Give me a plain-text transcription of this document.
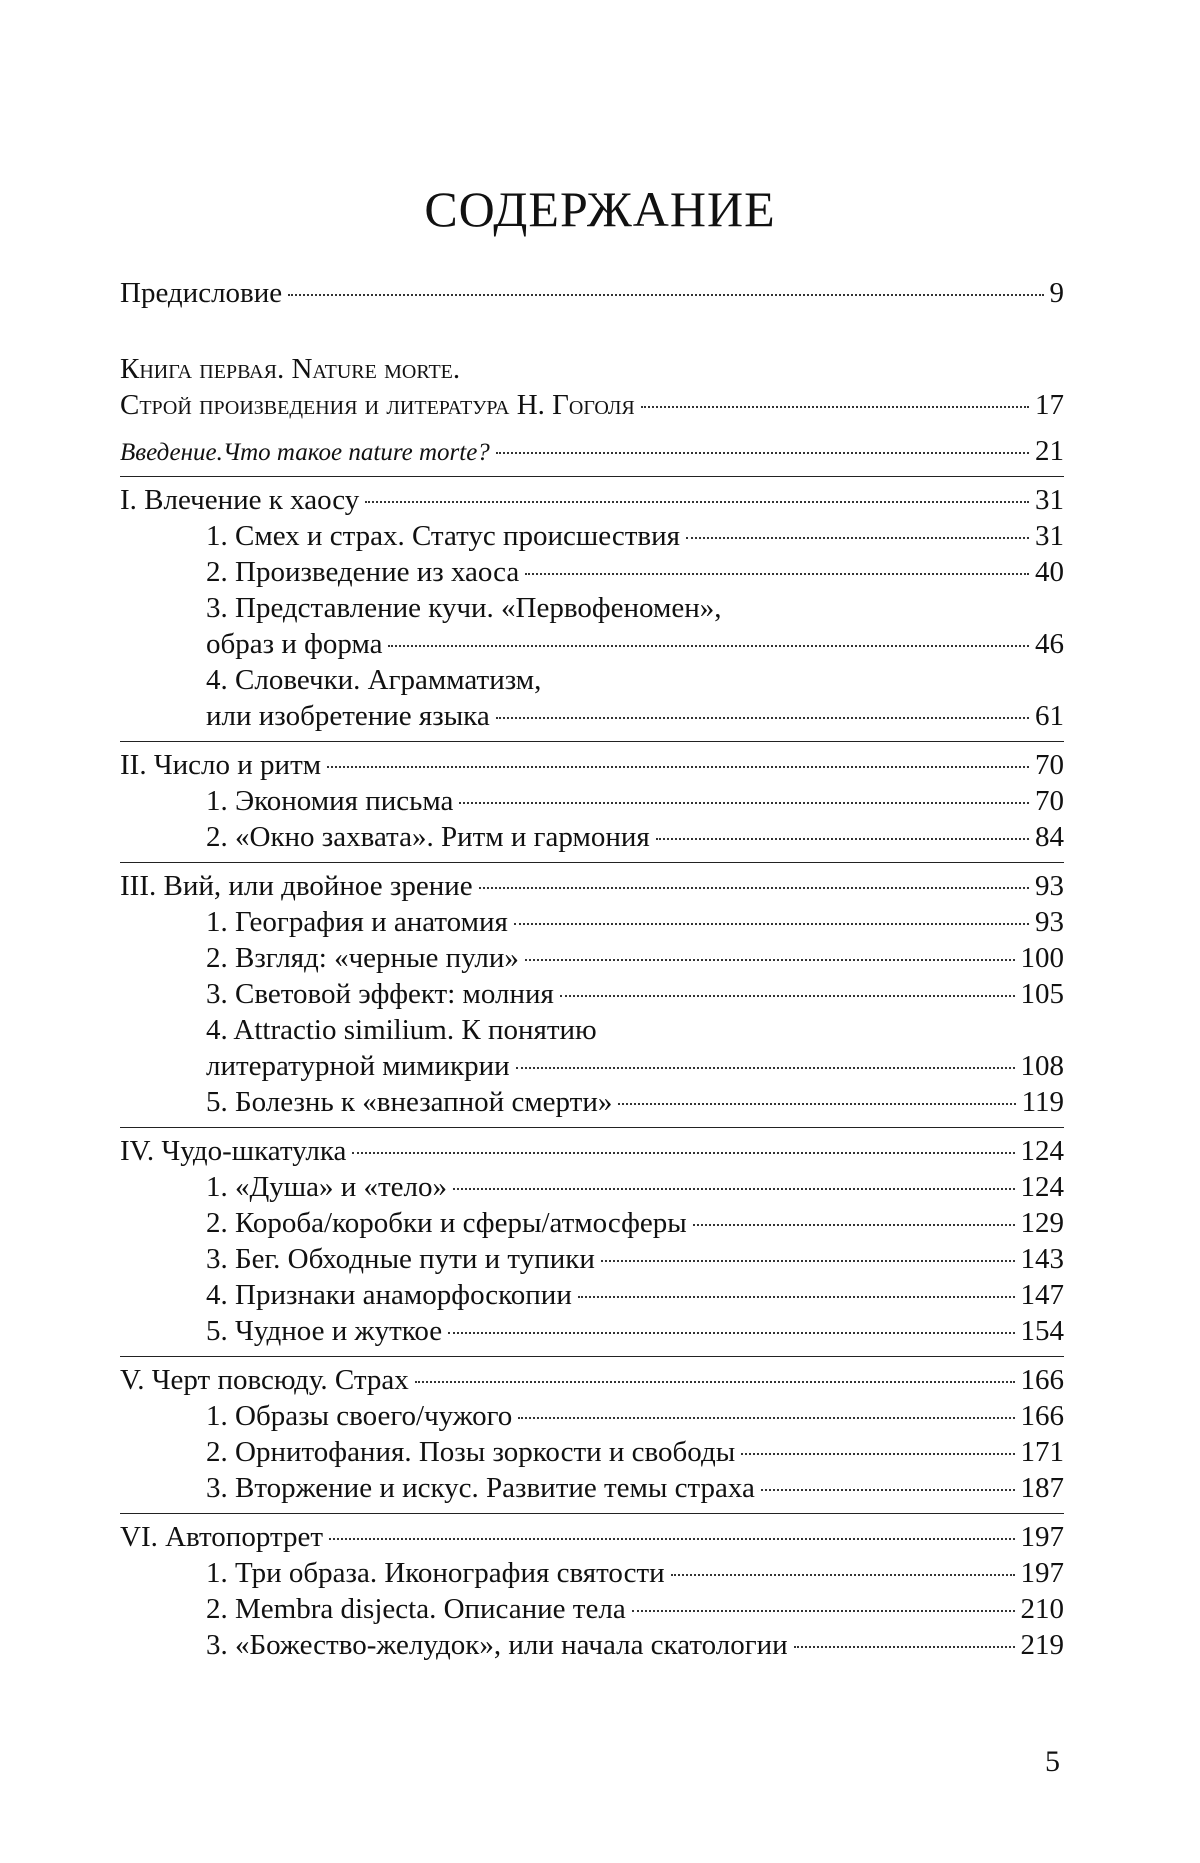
СОДЕРЖАНИЕ
Предисловие	9
Книга первая. Nature morte.
Строй произведения и литература Н. Гоголя	17
Введение.Что такое nature morte?	21
I. Влечение к хаосу	31
1. Смех и страх. Статус происшествия	31
2. Произведение из хаоса	40
3. Представление кучи. «Первофеномен»,
образ и форма	46
4. Словечки. Аграмматизм,
или изобретение языка	61
II. Число и ритм	70
1. Экономия письма	70
2. «Окно захвата». Ритм и гармония	84
III. Вий, или двойное зрение	93
1. География и анатомия	93
2. Взгляд: «черные пули»	100
3. Световой эффект: молния	105
4. Attractio similium. К понятию
литературной мимикрии	108
5. Болезнь к «внезапной смерти»	119
IV. Чудо-шкатулка	124
1. «Душа» и «тело»	124
2. Короба/коробки и сферы/атмосферы	129
3. Бег. Обходные пути и тупики	143
4. Признаки анаморфоскопии	147
5. Чудное и жуткое	154
V. Черт повсюду. Страх	166
1. Образы своего/чужого	166
2. Орнитофания. Позы зоркости и свободы	171
3. Вторжение и искус. Развитие темы страха	187
VI. Автопортрет	197
1. Три образа. Иконография святости	197
2. Membra disjecta. Описание тела	210
3. «Божество-желудок», или начала скатологии	219
5
